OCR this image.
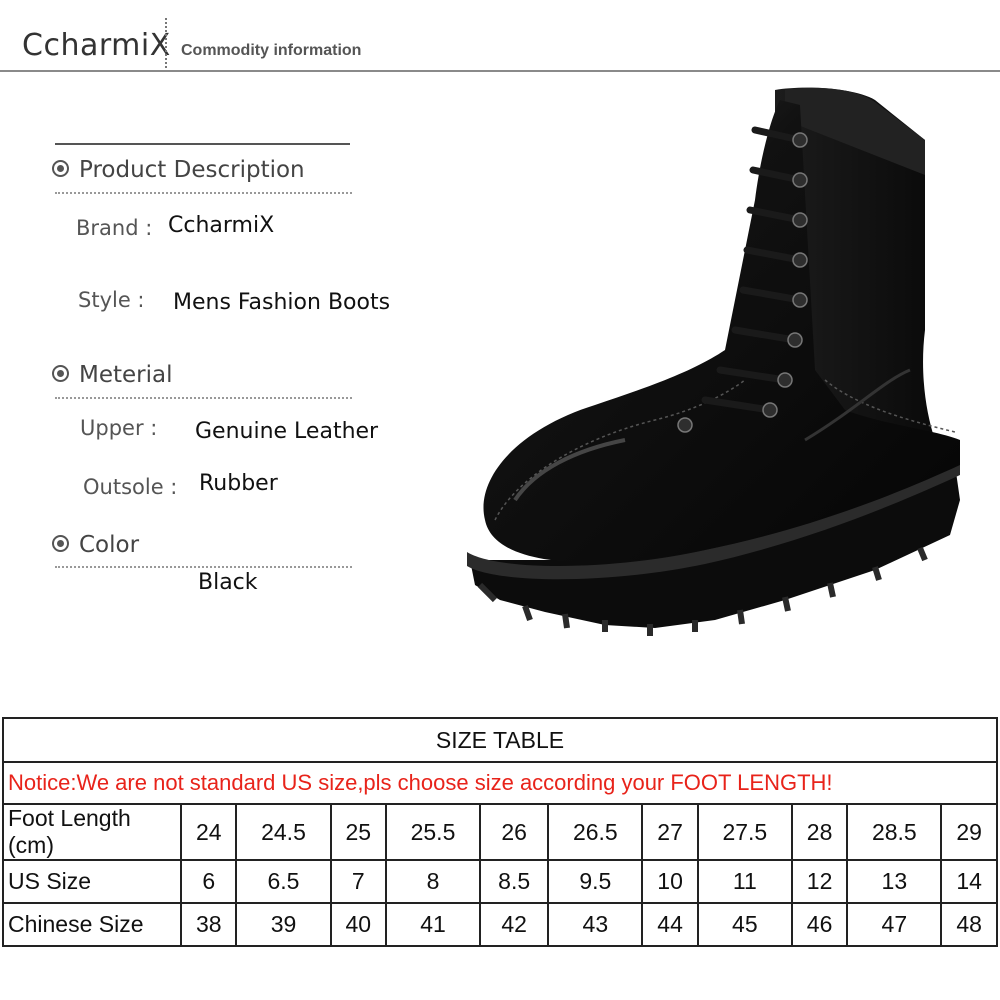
CcharmiX Commodity information
Product Description
Brand : CcharmiX
Style : Mens Fashion Boots
Meterial
Upper : Genuine Leather
Outsole : Rubber
Color
Black
SIZE TABLE											
Notice:We are not standard US size,pls choose size according your FOOT LENGTH!											
Foot Length (cm)	24	24.5	25	25.5	26	26.5	27	27.5	28	28.5	29
US Size	6	6.5	7	8	8.5	9.5	10	11	12	13	14
Chinese Size	38	39	40	41	42	43	44	45	46	47	48
